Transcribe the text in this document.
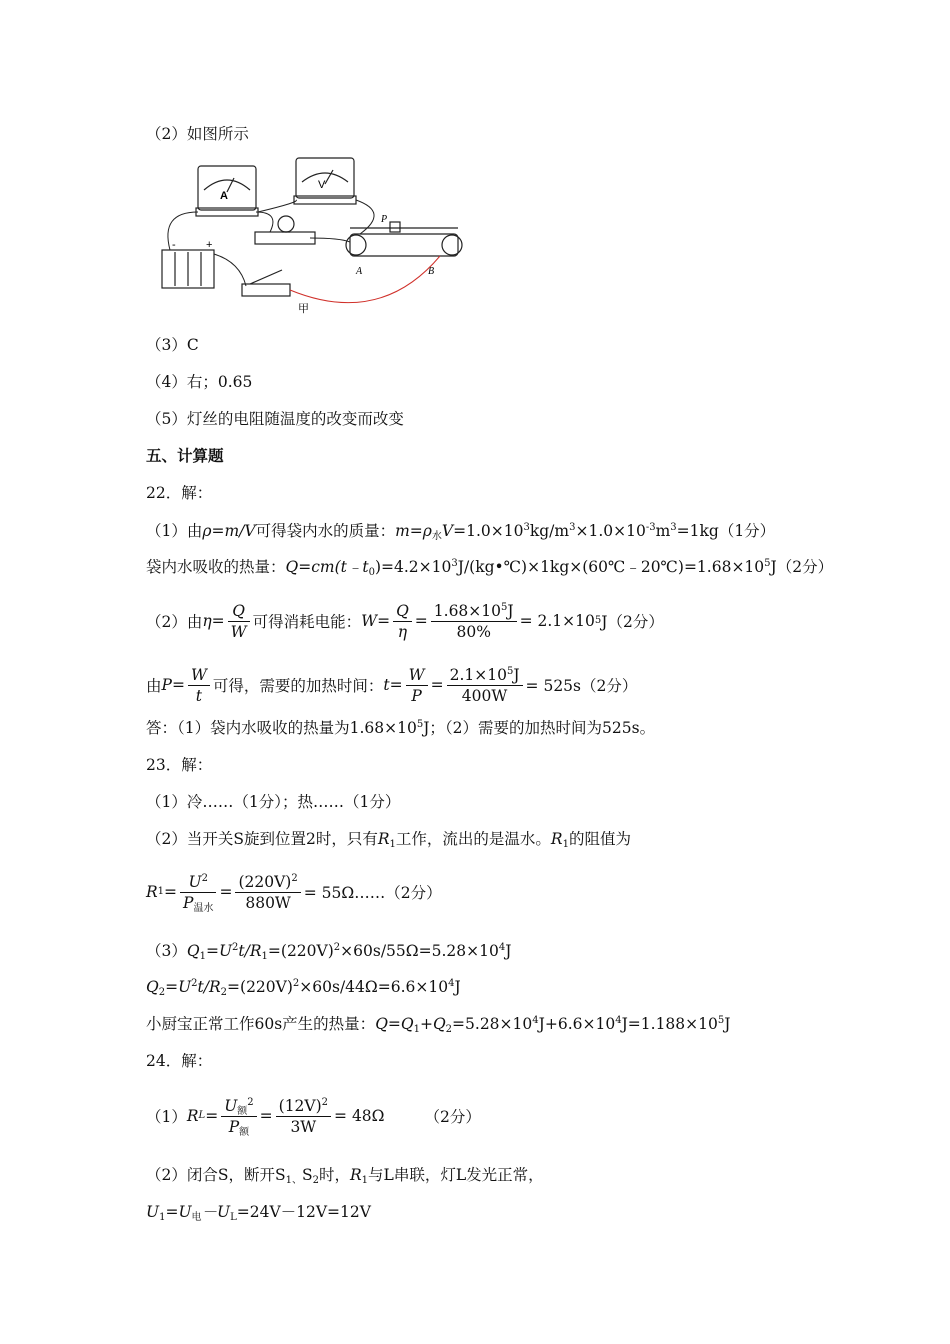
（2）如图所示
A
V
-	+
P
A	B
甲
（3）C
（4）右；0.65
（5）灯丝的电阻随温度的改变而改变
五、计算题
22．解：
（1）由ρ=m/V可得袋内水的质量：$m=\rho_水V=1.0\times 10^3kg/m^3\times 1.0\times 10^{-3}m^3=1kg(1$分）
袋内水吸收的热量：$Q=cm(t﹣t_0)=4.2\times 10^3J/(kg•℃)\times 1kg\times(60℃﹣20℃)=1.68\times 10^5J(2$分）
（2）由 $\eta = \frac{Q}{W}$ 可得消耗电能： $W = \frac{Q}{\eta} = \frac{1.68\times 10^5J}{80\%} = 2.1\times 10$ 5 J（2分）
由 $P = \frac{W}{t}$ 可得，需要的加热时间： $t = \frac{W}{P} = \frac{2.1\times 10^5J}{400W} = 525s(2$分）
答：（1）袋内水吸收的热量为$1.68\times 10^5J$；（2）需要的加热时间为525s。
23．解：
（1）冷……（1分）；热……（1分）
（2）当开关S旋到位置2时，只有$R_1$工作，流出的是温水。$R_1$的阻值为
R $1 = \frac{U^2}{P_{温水}} = \frac{(220V)^2}{880W}$ = 55Ω……（2分）
$(3)Q_1=U^2t/R_1=(220V)^2\times 60s/55\Omega=5.28\times 10^4J$
$Q_2=U^2t/R_2=(220V)^2\times 60s/44\Omega=6.6\times 10^4J$
小厨宝正常工作60s产生的热量：$Q=Q_1+Q_2=5.28\times 10^4J+6.6\times 10^4J=1.188\times 10^5J$
24．解：
（1） R $L = \frac{U_额^2}{P_额} = \frac{(12V)^2}{3W} = 48\Omega$	（2分）
（2）闭合S，断开$S_{1、}S_2$时，$R_1$与L串联，灯L发光正常，
$U_1=U_电-U_L=24V-12V=12V$
